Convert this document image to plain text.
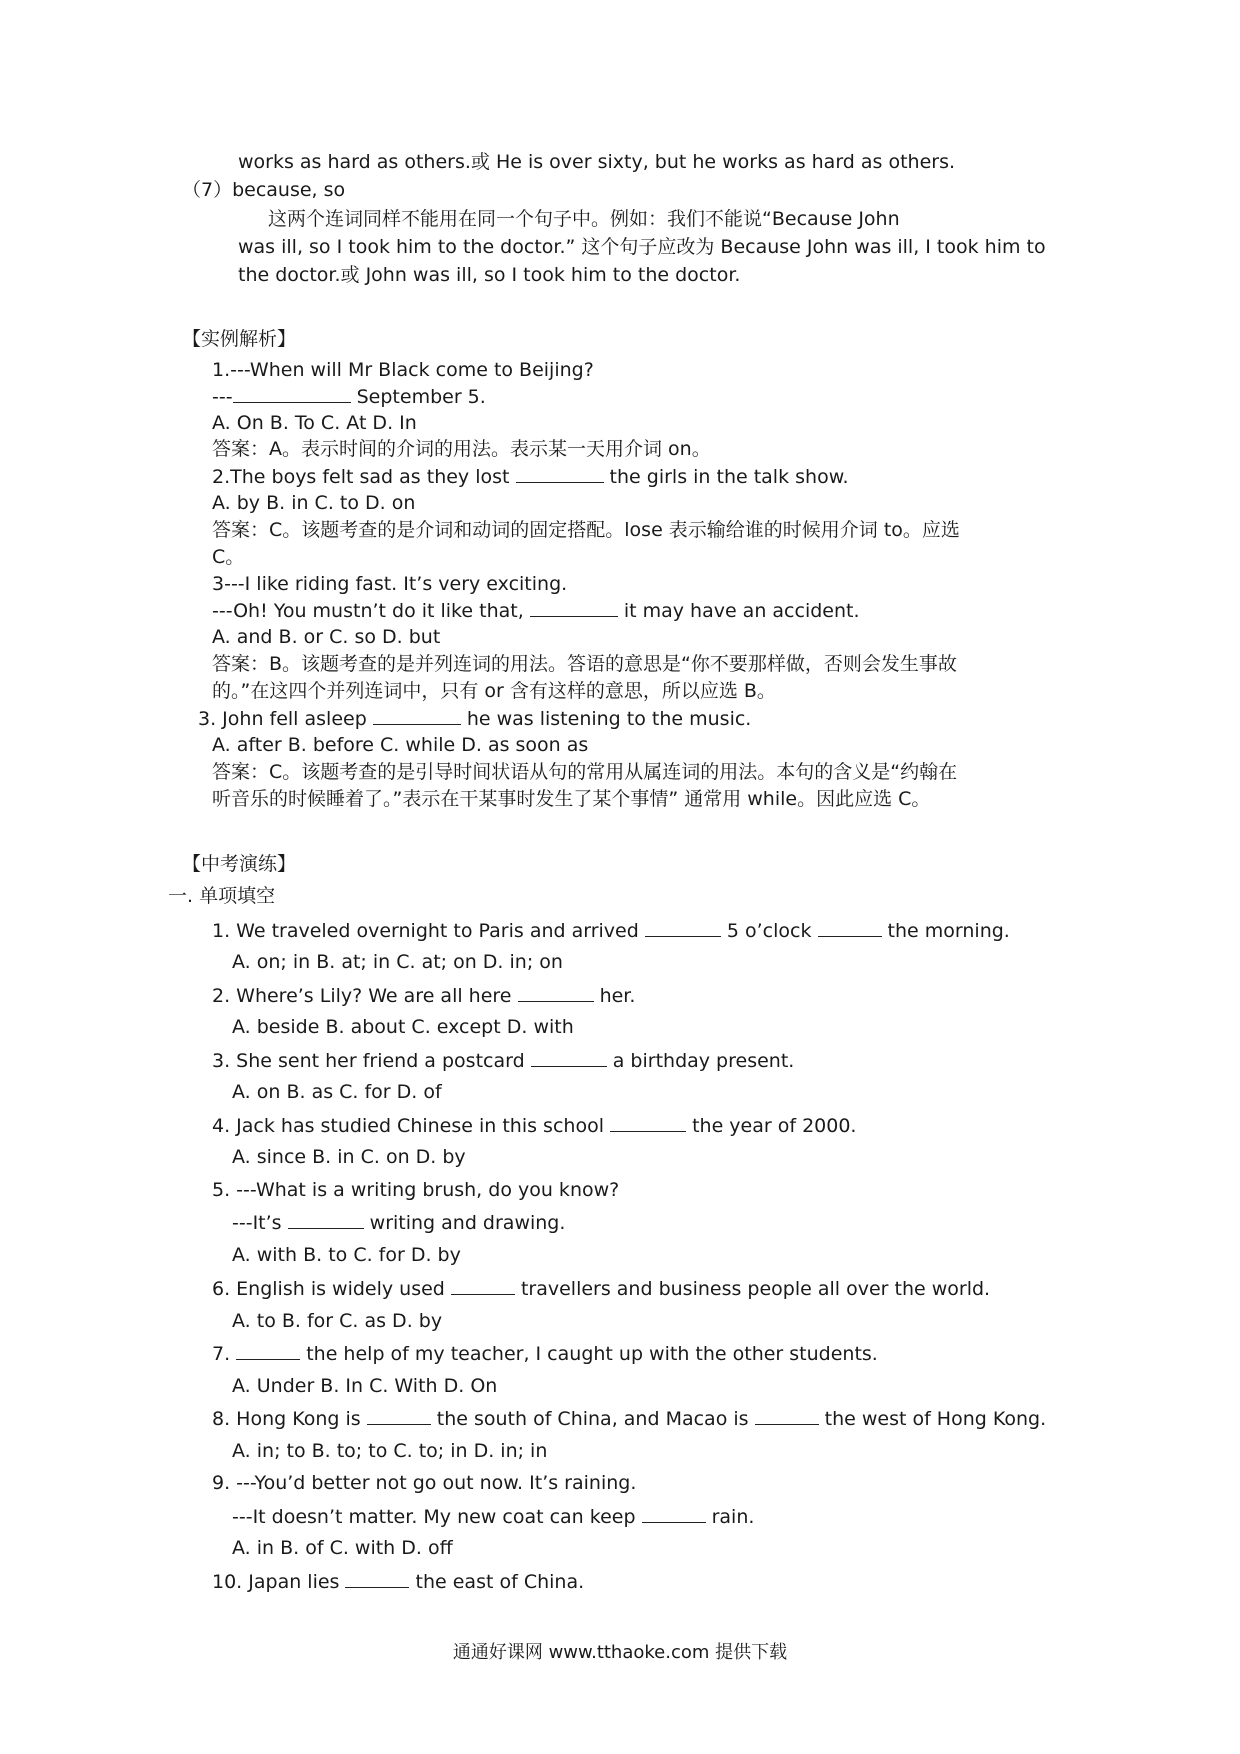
works as hard as others.或 He is over sixty, but he works as hard as others.
（7）because, so
这两个连词同样不能用在同一个句子中。例如：我们不能说“Because John
was ill, so I took him to the doctor.” 这个句子应改为 Because John was ill, I took him to
the doctor.或 John was ill, so I took him to the doctor.
【实例解析】
1.---When will Mr Black come to Beijing?
---	September 5.
A. On B. To C. At D. In
答案：A。表示时间的介词的用法。表示某一天用介词 on。
2.The boys felt sad as they lost	the girls in the talk show.
A. by B. in C. to D. on
答案：C。该题考查的是介词和动词的固定搭配。lose 表示输给谁的时候用介词 to。应选
C。
3---I like riding fast. It’s very exciting.
---Oh! You mustn’t do it like that,	it may have an accident.
A. and B. or C. so D. but
答案：B。该题考查的是并列连词的用法。答语的意思是“你不要那样做，否则会发生事故
的。”在这四个并列连词中，只有 or 含有这样的意思，所以应选 B。
3. John fell asleep	he was listening to the music.
A. after B. before C. while D. as soon as
答案：C。该题考查的是引导时间状语从句的常用从属连词的用法。本句的含义是“约翰在
听音乐的时候睡着了。”表示在干某事时发生了某个事情” 通常用 while。因此应选 C。
【中考演练】
一. 单项填空
1. We traveled overnight to Paris and arrived	5 o’clock	the morning.
A. on; in B. at; in C. at; on D. in; on
2. Where’s Lily? We are all here	her.
A. beside B. about C. except D. with
3. She sent her friend a postcard	a birthday present.
A. on B. as C. for D. of
4. Jack has studied Chinese in this school	the year of 2000.
A. since B. in C. on D. by
5. ---What is a writing brush, do you know?
---It’s	writing and drawing.
A. with B. to C. for D. by
6. English is widely used	travellers and business people all over the world.
A. to B. for C. as D. by
7.	the help of my teacher, I caught up with the other students.
A. Under B. In C. With D. On
8. Hong Kong is	the south of China, and Macao is	the west of Hong Kong.
A. in; to B. to; to C. to; in D. in; in
9. ---You’d better not go out now. It’s raining.
---It doesn’t matter. My new coat can keep	rain.
A. in B. of C. with D. off
10. Japan lies	the east of China.
通通好课网 www.tthaoke.com 提供下载
